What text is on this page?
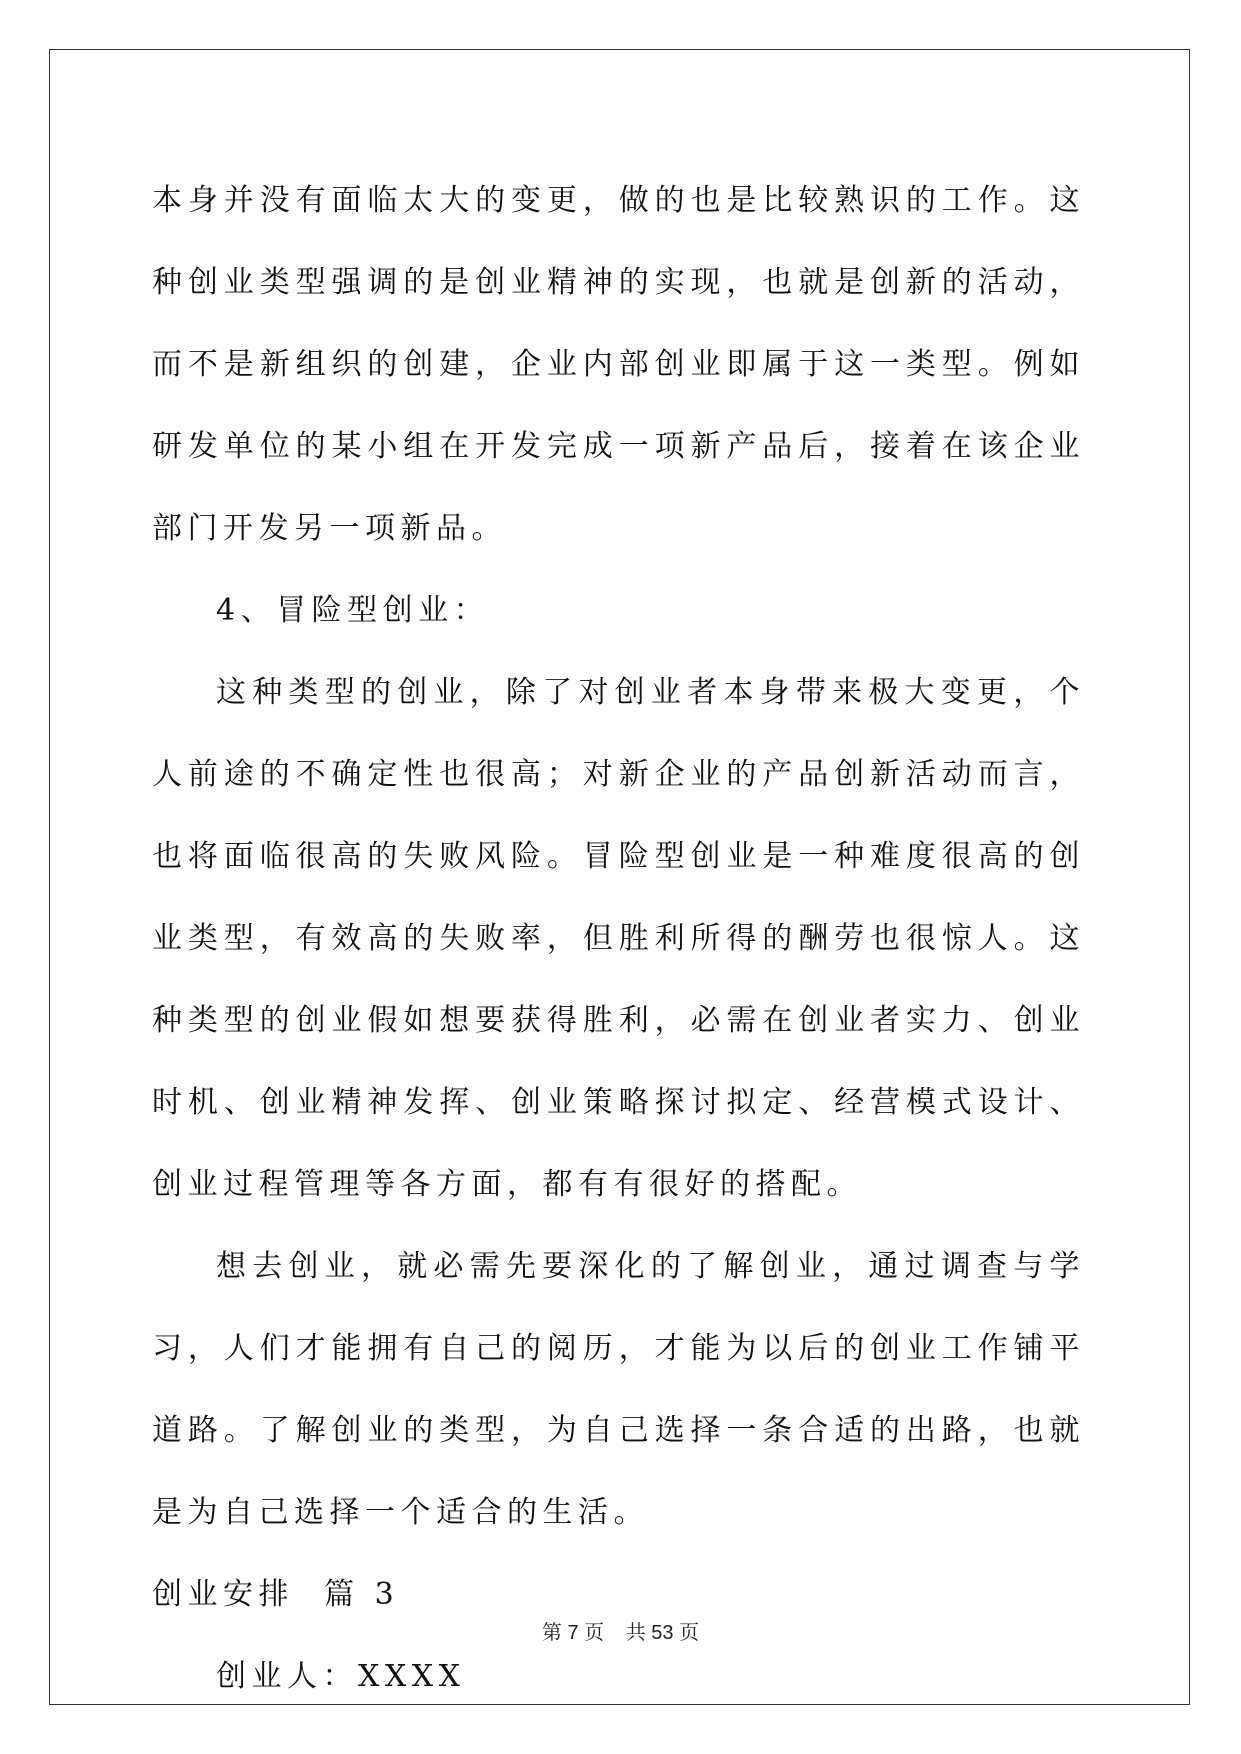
本身并没有面临太大的变更，做的也是比较熟识的工作。这种创业类型强调的是创业精神的实现，也就是创新的活动，而不是新组织的创建，企业内部创业即属于这一类型。例如研发单位的某小组在开发完成一项新产品后，接着在该企业部门开发另一项新品。

4、冒险型创业：

这种类型的创业，除了对创业者本身带来极大变更，个人前途的不确定性也很高；对新企业的产品创新活动而言，也将面临很高的失败风险。冒险型创业是一种难度很高的创业类型，有效高的失败率，但胜利所得的酬劳也很惊人。这种类型的创业假如想要获得胜利，必需在创业者实力、创业时机、创业精神发挥、创业策略探讨拟定、经营模式设计、创业过程管理等各方面，都有有很好的搭配。

想去创业，就必需先要深化的了解创业，通过调查与学习，人们才能拥有自己的阅历，才能为以后的创业工作铺平道路。了解创业的类型，为自己选择一条合适的出路，也就是为自己选择一个适合的生活。

创业安排  篇 3

创业人：XXXX

第 7 页 共 53 页
